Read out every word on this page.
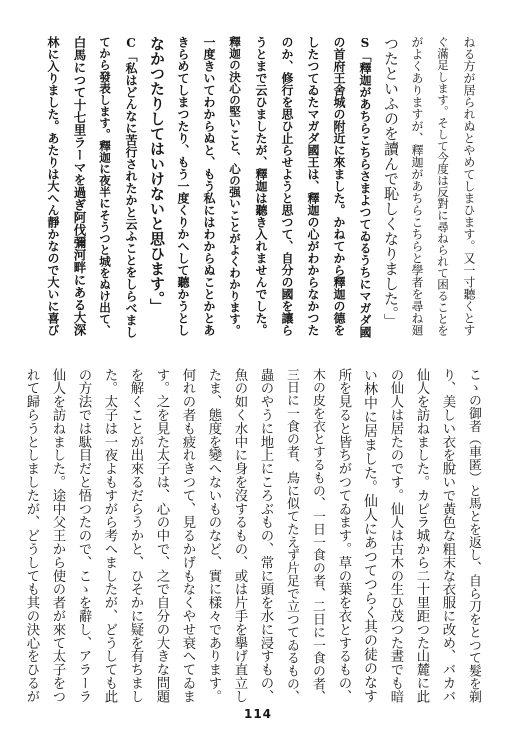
ねる方が居られぬとやめてしまひます。又一寸聽くとす
ぐ滿足します。そして今度は反對に尋ねられて困ることを
がよくありますが、釋迦があちらこちらと學者を尋ね廻
つたといふのを讀んで恥しくなりました。」
S「釋迦があちらこちらさまよつてゐるうちにマガダ國
の首府王舍城の附近に來ました。かねてから釋迦の德を
したつてゐたマガダ國王は、釋迦の心がわからなかつた
のか、修行を思ひ止らせようと思つて、自分の國を讓ら
うとまで云ひましたが、釋迦は聽き入れませんでした。
釋迦の決心の堅いこと、心の强いことがよくわかります。
一度きいてわからぬと、もう私にはわからぬことかとあ
きらめてしまつたり、もう一度くりかへして聽かうとし
なかつたりしてはいけないと思ひます。」
C「私はどんなに苦行されたかと云ふことをしらべまし
てから發表します。釋迦に夜半にそうつと城をぬけ出て、
白馬につて十七里ラーマを過ぎ阿伐彌河畔にある大深
林に入りました。あたりは大へん靜かなので大いに喜び
こゝの御者（車匿）と馬とを返し、自ら刀をとつて髮を剃
り、美しい衣を脫いで黃色な粗末な衣服に改め、バカバ
仙人を訪ねました。カピラ城から二十里距つた山麓に此
の仙人は居たのです。仙人は古木の生ひ茂つた晝でも暗
い林中に居ました。仙人にあつてつらく其の徒のなす
所を見ると皆ちがつてゐます。草の葉を衣とするもの、
木の皮を衣とするもの、一日一食の者、二日に一食の者、
三日に一食の者、鳥に似てたえず片足で立つてゐるもの、
蟲のやうに地上にころぶもの、常に頭を水に浸すもの、
魚の如く水中に身を沒するもの、或は片手を擧げ直立し
たま、態度を變へないものなど、實に樣々であります。
何れの者も疲れきつて、見るかげもなくやせ衰へてゐま
す。之を見た太子は、心の中で、之で自分の大きな問題
を解くことが出來るだらうかと、ひそかに疑を有ちまし
た。太子は一夜よもすがら考へましたが、どうしても此
の方法では駄目だと悟つたので、こゝを辭し、アラーラ
仙人を訪ねました。途中父王から使の者が來て太子をつ
れて歸らうとしましたが、どうしても其の決心をひるが
114
